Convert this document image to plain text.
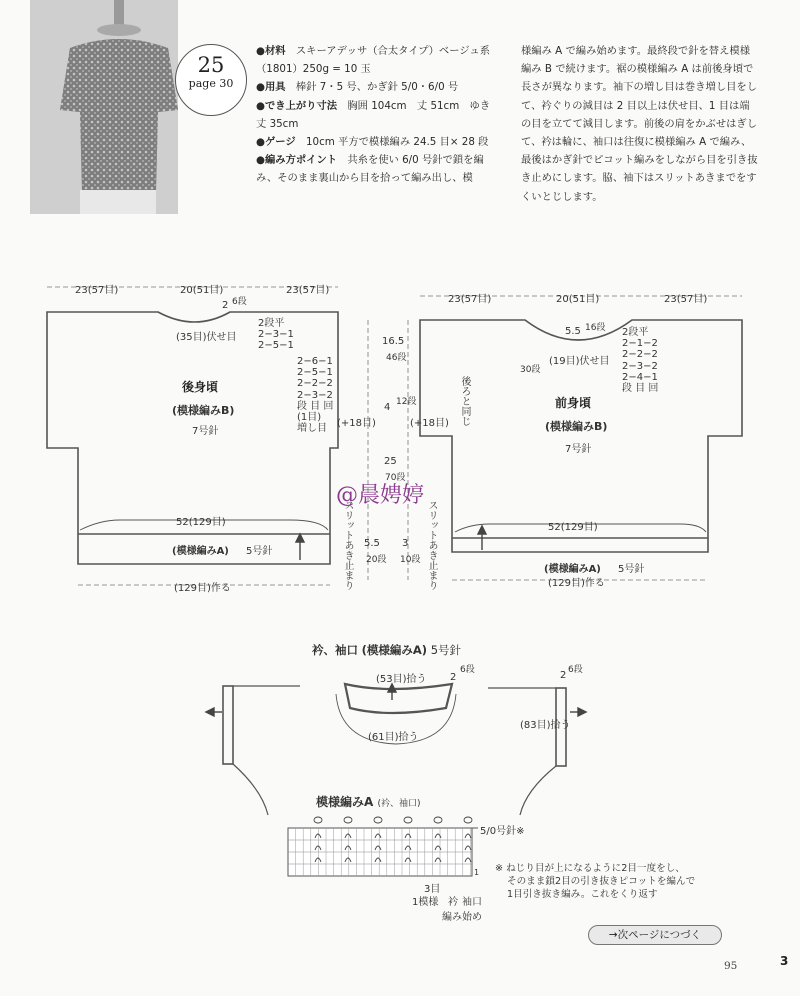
25
page 30
●材料　 スキーアデッサ（合太タイプ）ベージュ系（1801）250g = 10 玉
●用具　 棒針 7・5 号、かぎ針 5/0・6/0 号
●でき上がり寸法　 胸囲 104cm　丈 51cm　ゆき丈 35cm
●ゲージ　 10cm 平方で模様編み 24.5 目× 28 段
●編み方ポイント　 共糸を使い 6/0 号針で鎖を編み、そのまま裏山から目を拾って編み出し、模
様編み A で編み始めます。最終段で針を替え模様編み B で続けます。裾の模様編み A は前後身頃で長さが異なります。袖下の増し目は巻き増し目をして、衿ぐりの減目は 2 目以上は伏せ目、1 目は端の目を立てて減目します。前後の肩をかぶせはぎして、衿は輪に、袖口は往復に模様編み A で編み、最後はかぎ針でピコット編みをしながら目を引き抜き止めにします。脇、袖下はスリットあきまでをすくいとじします。
23(57目)	20(51目)	23(57目)
2 6段
(35目)伏せ目
2段平
2−3−1
2−5−1
2−6−1
2−5−1
2−2−2
2−3−2
段 目 回
(1目)
増し目	(+18目)
後身頃
(模様編みB)
7号針
52(129目)
(模様編みA) 5号針
(129目)作る
23(57目)	20(51目)	23(57目)
5.5 16段
(19目)伏せ目
30段
2段平
2−1−2
2−2−2
2−3−2
2−4−1
段 目 回
後ろと同じ
(+18目)
前身頃
(模様編みB)
7号針
52(129目)
(模様編みA) 5号針
(129目)作る
16.5
46段
4 12段
25
70段
スリットあき止まり	スリットあき止まり
5.5
20段
3
10段
衿、袖口 (模様編みA) 5号針
(53目)拾う
(61目)拾う
2
6段
(83目)拾う
2 6段
模様編みA (衿、袖口)
5/0号針※
1
3目
1模様 衿 袖口
編み始め
※ ねじり目が上になるように2目一度をし、
そのまま鎖2目の引き抜きピコットを編んで
1目引き抜き編み。これをくり返す
→次ページにつづく
95	3
@晨娉婷
